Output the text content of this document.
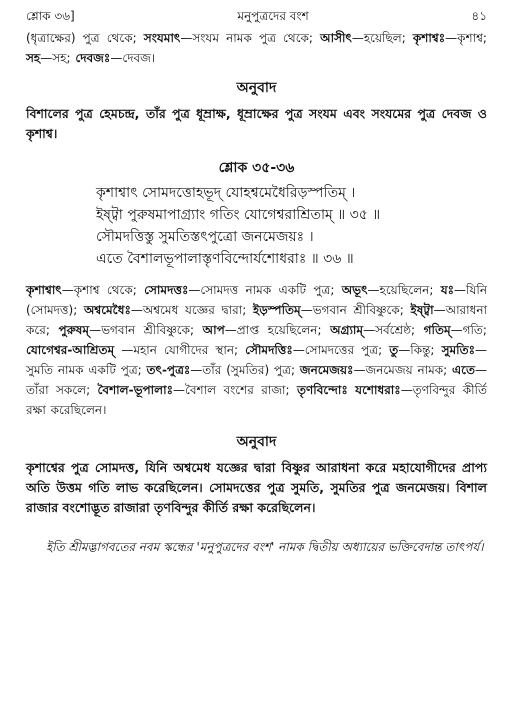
শ্লোক ৩৬]	মনুপুত্রদের বংশ	৪১

(ধৃত্রাক্ষের) পুত্র থেকে; সংযমাৎ—সংযম নামক পুত্র থেকে; আসীৎ—হয়েছিল; কৃশাশ্বঃ—কৃশাশ্ব; সহ—সহ; দেবজঃ—দেবজ।

অনুবাদ

বিশালের পুত্র হেমচন্দ্র, তাঁর পুত্র ধূম্রাক্ষ, ধূম্রাক্ষের পুত্র সংযম এবং সংযমের পুত্র দেবজ ও কৃশাশ্ব।

শ্লোক ৩৫-৩৬

কৃশাশ্বাৎ সোমদত্তোহভূদ্ যোহশ্বমেধৈরিড়স্পতিম্ ।

ইষ্ট্বা পুরুষমাপাগ্র্যাং গতিং যোগেশ্বরাশ্রিতাম্ ॥ ৩৫ ॥

সৌমদত্তিস্তু সুমতিস্তৎপুত্রো জনমেজয়ঃ ।

এতে বৈশালভূপালাস্তৃণবিন্দোর্যশোধরাঃ ॥ ৩৬ ॥

কৃশাশ্বাৎ—কৃশাশ্ব থেকে; সোমদত্তঃ—সোমদত্ত নামক একটি পুত্র; অভূৎ—হয়েছিলেন; যঃ—যিনি (সোমদত্ত); অশ্বমেধৈঃ—অশ্বমেধ যজ্ঞের দ্বারা; ইড়স্পতিম্—ভগবান শ্রীবিষ্ণুকে; ইষ্ট্বা—আরাধনা করে; পুরুষম্—ভগবান শ্রীবিষ্ণুকে; আপ—প্রাপ্ত হয়েছিলেন; অগ্র্যাম্—সর্বশ্রেষ্ঠ; গতিম্—গতি; যোগেশ্বর-আশ্রিতম্ —মহান যোগীদের স্থান; সৌমদত্তিঃ—সোমদত্তের পুত্র; তু—কিন্তু; সুমতিঃ—সুমতি নামক একটি পুত্র; তৎ-পুত্রঃ—তাঁর (সুমতির) পুত্র; জনমেজয়ঃ—জনমেজয় নামক; এতে—তাঁরা সকলে; বৈশাল-ভূপালাঃ—বৈশাল বংশের রাজা; তৃণবিন্দোঃ যশোধরাঃ—তৃণবিন্দুর কীর্তি রক্ষা করেছিলেন।

অনুবাদ

কৃশাশ্বের পুত্র সোমদত্ত, যিনি অশ্বমেধ যজ্ঞের দ্বারা বিষ্ণুর আরাধনা করে মহাযোগীদের প্রাপ্য অতি উত্তম গতি লাভ করেছিলেন। সোমদত্তের পুত্র সুমতি, সুমতির পুত্র জনমেজয়। বিশাল রাজার বংশোদ্ভূত রাজারা তৃণবিন্দুর কীর্তি রক্ষা করেছিলেন।

ইতি শ্রীমদ্ভাগবতের নবম স্কন্ধের 'মনুপুত্রদের বংশ' নামক দ্বিতীয় অধ্যায়ের ভক্তিবেদান্ত তাৎপর্য।
